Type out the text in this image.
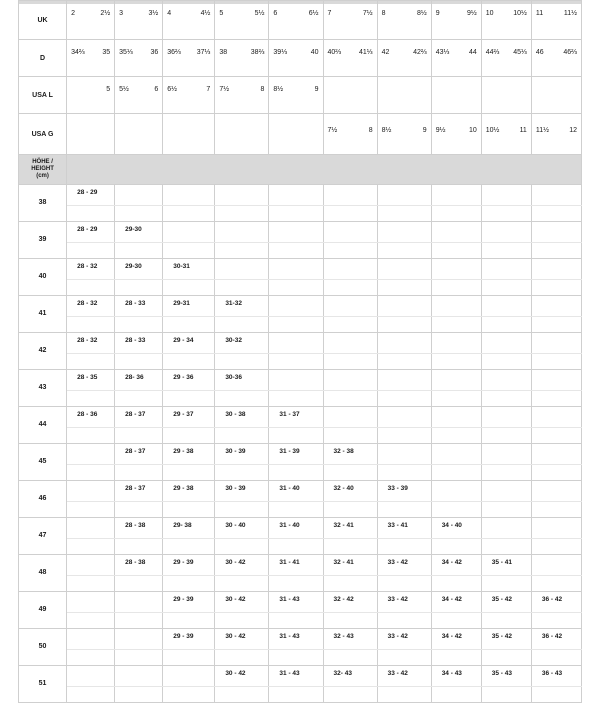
UK	2 2½	3 3½	4 4½	5 5½	6 6½	7 7½	8 8½	9 9½	10 10½	11 11½

D	34⅔ 35	35⅓ 36	36⅔ 37⅓	38 38⅔	39⅓ 40	40⅔ 41⅓	42 42⅔	43⅓ 44	44⅔ 45⅓	46 46⅔

USA L	5	5½ 6	6½ 7	7½ 8	8½ 9					

USA G						7½ 8	8½ 9	9½ 10	10½ 11	11½ 12

HÖHE /
HEIGHT
(cm)										

38	28 - 29									

39	28 - 29	29-30								

40	28 - 32	29-30	30-31							

41	28 - 32	28 - 33	29-31	31-32						

42	28 - 32	28 - 33	29 - 34	30-32						

43	28 - 35	28- 36	29 - 36	30-36						

44	28 - 36	28 - 37	29 - 37	30 - 38	31 - 37					

45		28 - 37	29 - 38	30 - 39	31 - 39	32 - 38				

46		28 - 37	29 - 38	30 - 39	31 - 40	32 - 40	33 - 39			

47		28 - 38	29- 38	30 - 40	31 - 40	32 - 41	33 - 41	34 - 40		

48		28 - 38	29 - 39	30 - 42	31 - 41	32 - 41	33 - 42	34 - 42	35 - 41	

49			29 - 39	30 - 42	31 - 43	32 - 42	33 - 42	34 - 42	35 - 42	36 - 42

50			29 - 39	30 - 42	31 - 43	32 - 43	33 - 42	34 - 42	35 - 42	36 - 42

51				30 - 42	31 - 43	32- 43	33 - 42	34 - 43	35 - 43	36 - 43
